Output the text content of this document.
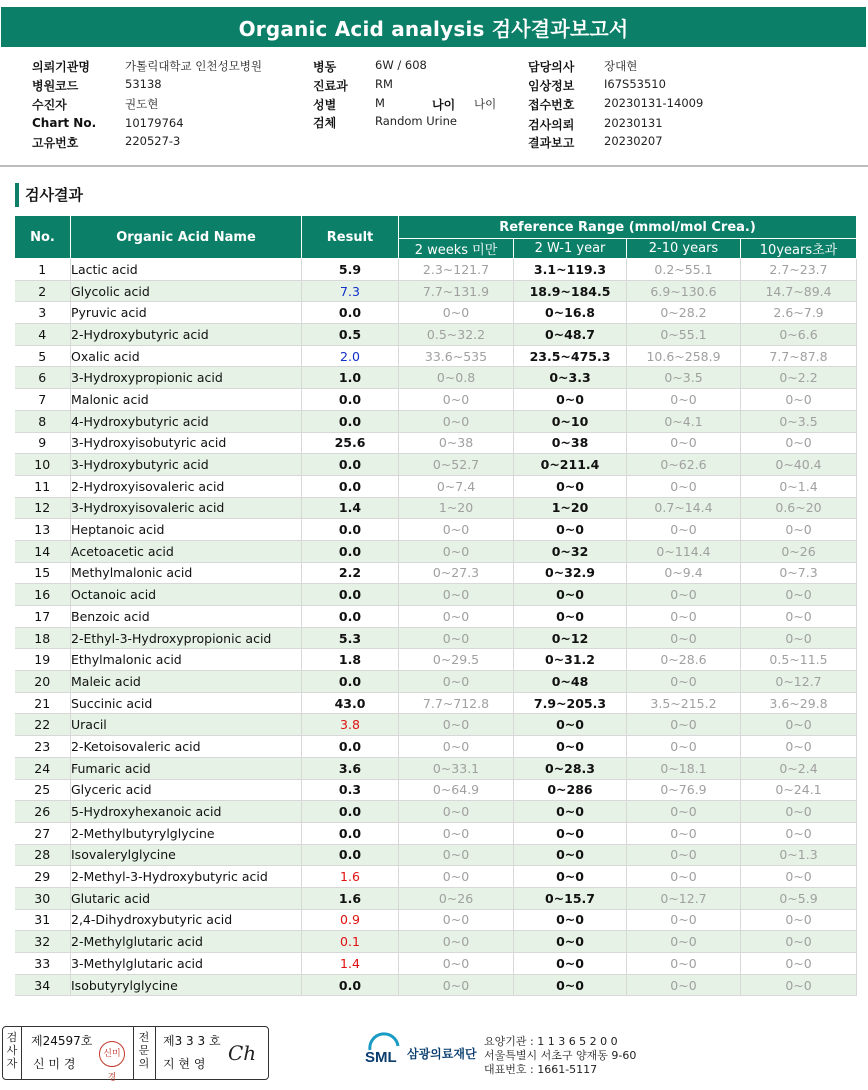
Organic Acid analysis 검사결과보고서
의뢰기관명	가톨릭대학교 인천성모병원
병원코드	53138
수진자	권도현
Chart No.	10179764
고유번호	220527-3
병동	6W / 608
진료과 RM
성별	M	나이 나이
검체	Random Urine
담당의사	장대현
임상정보	I67S53510
접수번호	20230131-14009
검사의뢰	20230131
결과보고	20230207
검사결과
No.	Organic Acid Name	Result	Reference Range (mmol/mol Crea.)			
			2 weeks 미만	2 W-1 year	2-10 years	10years초과
1	Lactic acid	5.9	2.3~121.7	3.1~119.3	0.2~55.1	2.7~23.7
2	Glycolic acid	7.3	7.7~131.9	18.9~184.5	6.9~130.6	14.7~89.4
3	Pyruvic acid	0.0	0~0	0~16.8	0~28.2	2.6~7.9
4	2-Hydroxybutyric acid	0.5	0.5~32.2	0~48.7	0~55.1	0~6.6
5	Oxalic acid	2.0	33.6~535	23.5~475.3	10.6~258.9	7.7~87.8
6	3-Hydroxypropionic acid	1.0	0~0.8	0~3.3	0~3.5	0~2.2
7	Malonic acid	0.0	0~0	0~0	0~0	0~0
8	4-Hydroxybutyric acid	0.0	0~0	0~10	0~4.1	0~3.5
9	3-Hydroxyisobutyric acid	25.6	0~38	0~38	0~0	0~0
10	3-Hydroxybutyric acid	0.0	0~52.7	0~211.4	0~62.6	0~40.4
11	2-Hydroxyisovaleric acid	0.0	0~7.4	0~0	0~0	0~1.4
12	3-Hydroxyisovaleric acid	1.4	1~20	1~20	0.7~14.4	0.6~20
13	Heptanoic acid	0.0	0~0	0~0	0~0	0~0
14	Acetoacetic acid	0.0	0~0	0~32	0~114.4	0~26
15	Methylmalonic acid	2.2	0~27.3	0~32.9	0~9.4	0~7.3
16	Octanoic acid	0.0	0~0	0~0	0~0	0~0
17	Benzoic acid	0.0	0~0	0~0	0~0	0~0
18	2-Ethyl-3-Hydroxypropionic acid	5.3	0~0	0~12	0~0	0~0
19	Ethylmalonic acid	1.8	0~29.5	0~31.2	0~28.6	0.5~11.5
20	Maleic acid	0.0	0~0	0~48	0~0	0~12.7
21	Succinic acid	43.0	7.7~712.8	7.9~205.3	3.5~215.2	3.6~29.8
22	Uracil	3.8	0~0	0~0	0~0	0~0
23	2-Ketoisovaleric acid	0.0	0~0	0~0	0~0	0~0
24	Fumaric acid	3.6	0~33.1	0~28.3	0~18.1	0~2.4
25	Glyceric acid	0.3	0~64.9	0~286	0~76.9	0~24.1
26	5-Hydroxyhexanoic acid	0.0	0~0	0~0	0~0	0~0
27	2-Methylbutyrylglycine	0.0	0~0	0~0	0~0	0~0
28	Isovalerylglycine	0.0	0~0	0~0	0~0	0~1.3
29	2-Methyl-3-Hydroxybutyric acid	1.6	0~0	0~0	0~0	0~0
30	Glutaric acid	1.6	0~26	0~15.7	0~12.7	0~5.9
31	2,4-Dihydroxybutyric acid	0.9	0~0	0~0	0~0	0~0
32	2-Methylglutaric acid	0.1	0~0	0~0	0~0	0~0
33	3-Methylglutaric acid	1.4	0~0	0~0	0~0	0~0
34	Isobutyrylglycine	0.0	0~0	0~0	0~0	0~0
검사자
제24597호
신 미 경
신미경
전문의
제3 3 3 호
지 현 영 Ch	SML 삼광의료재단
요양기관 : 1 1 3 6 5 2 0 0
서울특별시 서초구 양재동 9-60
대표번호 : 1661-5117
